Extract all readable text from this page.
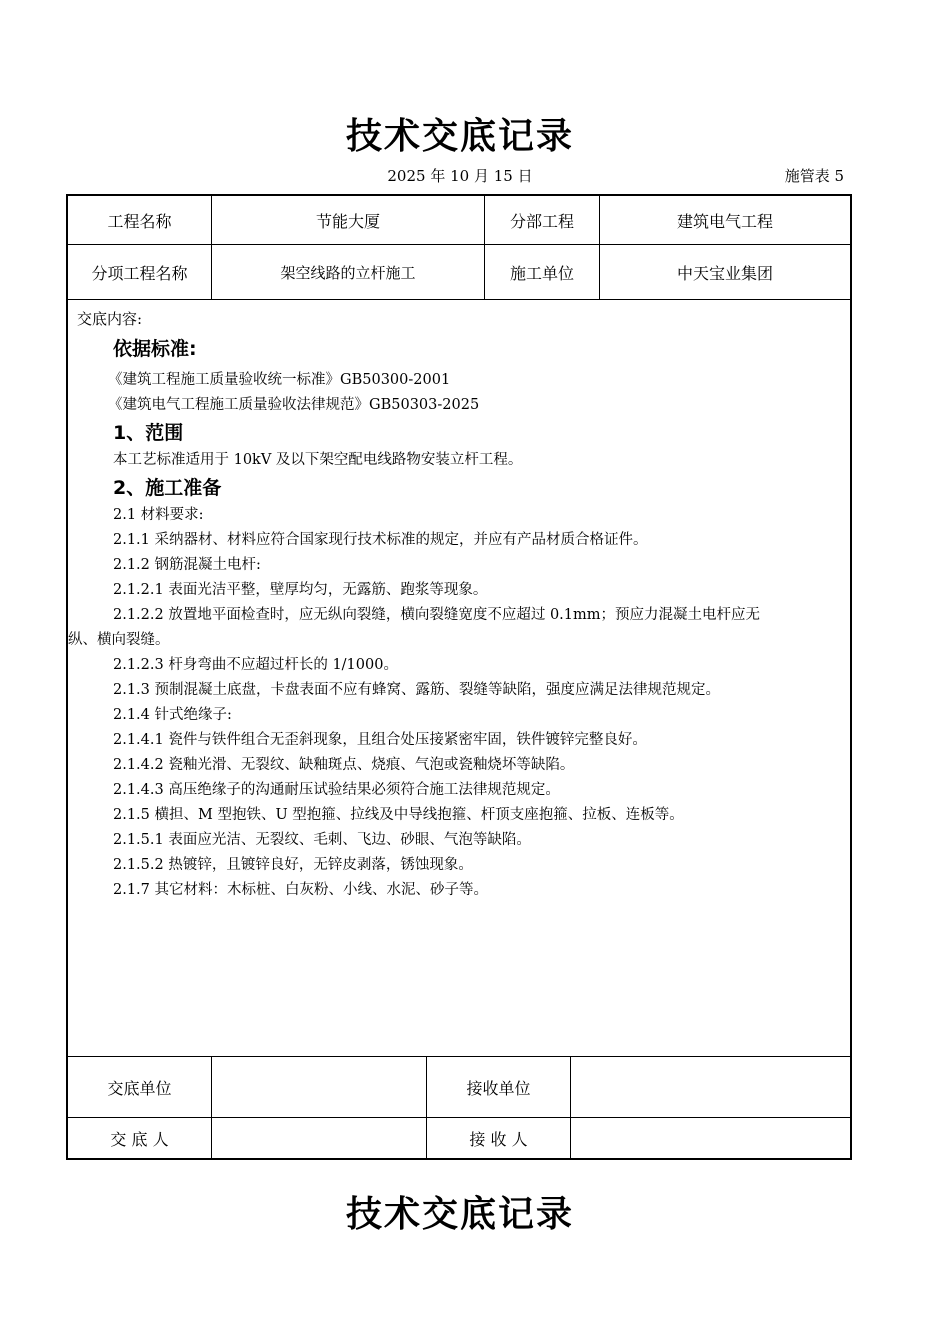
技术交底记录
2025 年 10 月 15 日	施管表 5
工程名称	节能大厦	分部工程	建筑电气工程
分项工程名称	架空线路的立杆施工	施工单位	中天宝业集团
交底内容:
依据标准:

《建筑工程施工质量验收统一标准》GB50300-2001

《建筑电气工程施工质量验收法律规范》GB50303-2025

1、范围

本工艺标准适用于 10kV 及以下架空配电线路物安装立杆工程。

2、施工准备

2.1 材料要求:

2.1.1 采纳器材、材料应符合国家现行技术标准的规定，并应有产品材质合格证件。

2.1.2 钢筋混凝土电杆:

2.1.2.1 表面光洁平整，壁厚均匀，无露筋、跑浆等现象。

2.1.2.2 放置地平面检查时，应无纵向裂缝，横向裂缝宽度不应超过 0.1mm；预应力混凝土电杆应无

纵、横向裂缝。

2.1.2.3 杆身弯曲不应超过杆长的 1/1000。

2.1.3 预制混凝土底盘，卡盘表面不应有蜂窝、露筋、裂缝等缺陷，强度应满足法律规范规定。

2.1.4 针式绝缘子:

2.1.4.1 瓷件与铁件组合无歪斜现象，且组合处压接紧密牢固，铁件镀锌完整良好。

2.1.4.2 瓷釉光滑、无裂纹、缺釉斑点、烧痕、气泡或瓷釉烧坏等缺陷。

2.1.4.3 高压绝缘子的沟通耐压试验结果必须符合施工法律规范规定。

2.1.5 横担、M 型抱铁、U 型抱箍、拉线及中导线抱箍、杆顶支座抱箍、拉板、连板等。

2.1.5.1 表面应光洁、无裂纹、毛刺、飞边、砂眼、气泡等缺陷。

2.1.5.2 热镀锌，且镀锌良好，无锌皮剥落，锈蚀现象。

2.1.7 其它材料：木标桩、白灰粉、小线、水泥、砂子等。

交底单位	接收单位
交 底 人	接 收 人
技术交底记录
